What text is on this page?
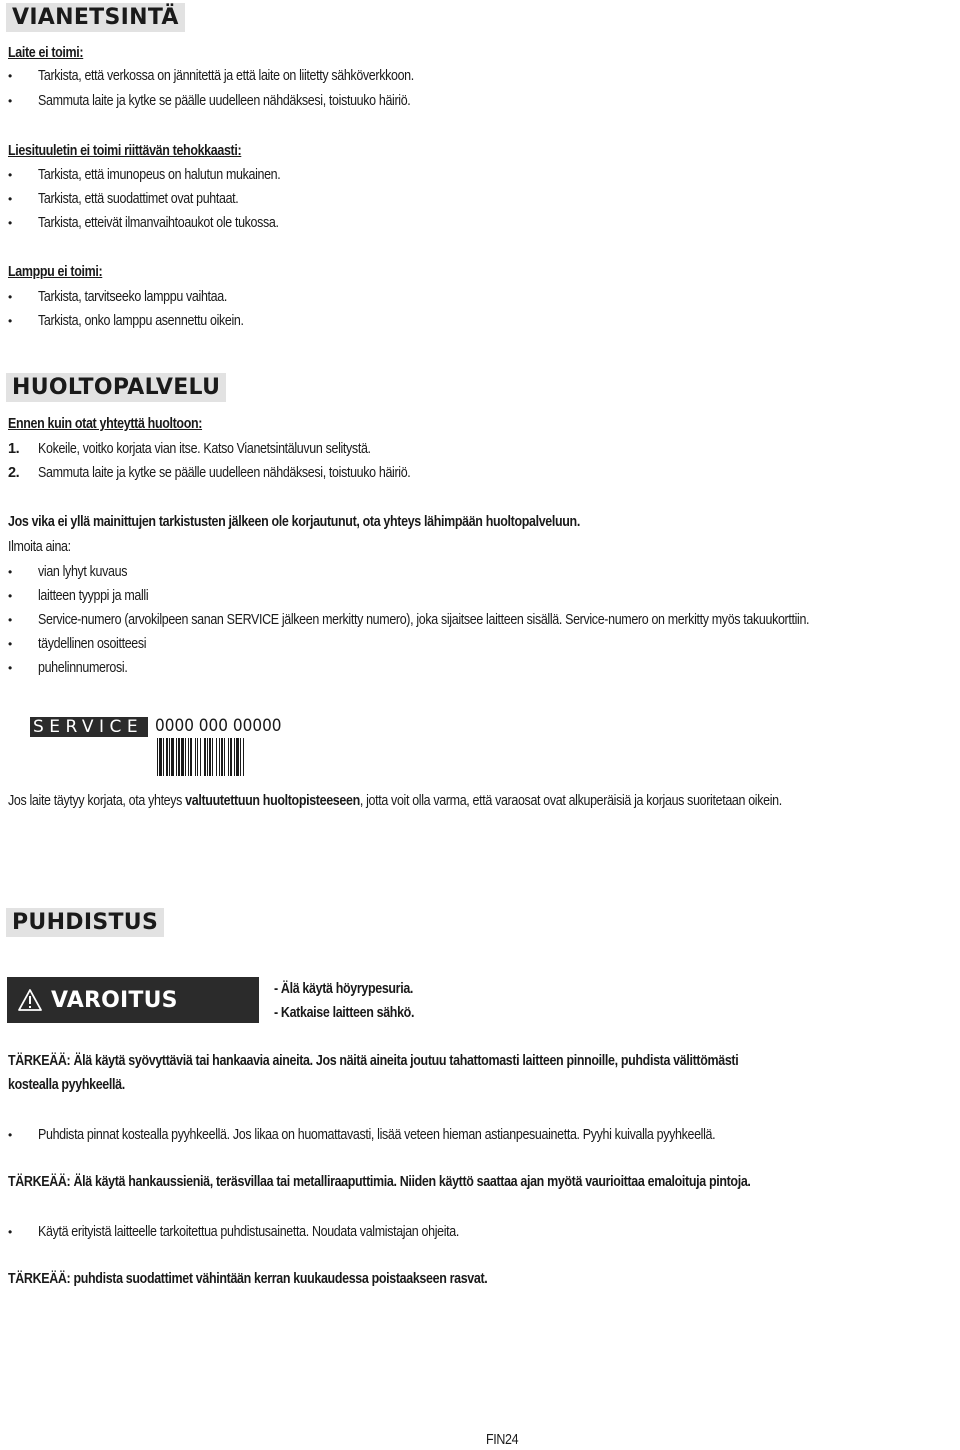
VIANETSINTÄ
Laite ei toimi:
• Tarkista, että verkossa on jännitettä ja että laite on liitetty sähköverkkoon.
• Sammuta laite ja kytke se päälle uudelleen nähdäksesi, toistuuko häiriö.
Liesituuletin ei toimi riittävän tehokkaasti:
• Tarkista, että imunopeus on halutun mukainen.
• Tarkista, että suodattimet ovat puhtaat.
• Tarkista, etteivät ilmanvaihtoaukot ole tukossa.
Lamppu ei toimi:
• Tarkista, tarvitseeko lamppu vaihtaa.
• Tarkista, onko lamppu asennettu oikein.
HUOLTOPALVELU
Ennen kuin otat yhteyttä huoltoon:
1. Kokeile, voitko korjata vian itse. Katso Vianetsintäluvun selitystä.
2. Sammuta laite ja kytke se päälle uudelleen nähdäksesi, toistuuko häiriö.
Jos vika ei yllä mainittujen tarkistusten jälkeen ole korjautunut, ota yhteys lähimpään huoltopalveluun.
Ilmoita aina:
• vian lyhyt kuvaus
• laitteen tyyppi ja malli
• Service-numero (arvokilpeen sanan SERVICE jälkeen merkitty numero), joka sijaitsee laitteen sisällä. Service-numero on merkitty myös takuukorttiin.
• täydellinen osoitteesi
• puhelinnumerosi.
SERVICE 0000 000 00000
Jos laite täytyy korjata, ota yhteys valtuutettuun huoltopisteeseen, jotta voit olla varma, että varaosat ovat alkuperäisiä ja korjaus suoritetaan oikein.
PUHDISTUS
VAROITUS	- Älä käytä höyrypesuria.
- Katkaise laitteen sähkö.
TÄRKEÄÄ: Älä käytä syövyttäviä tai hankaavia aineita. Jos näitä aineita joutuu tahattomasti laitteen pinnoille, puhdista välittömästi
kostealla pyyhkeellä.
• Puhdista pinnat kostealla pyyhkeellä. Jos likaa on huomattavasti, lisää veteen hieman astianpesuainetta. Pyyhi kuivalla pyyhkeellä.
TÄRKEÄÄ: Älä käytä hankaussieniä, teräsvillaa tai metalliraaputtimia. Niiden käyttö saattaa ajan myötä vaurioittaa emaloituja pintoja.
• Käytä erityistä laitteelle tarkoitettua puhdistusainetta. Noudata valmistajan ohjeita.
TÄRKEÄÄ: puhdista suodattimet vähintään kerran kuukaudessa poistaakseen rasvat.
FIN24
